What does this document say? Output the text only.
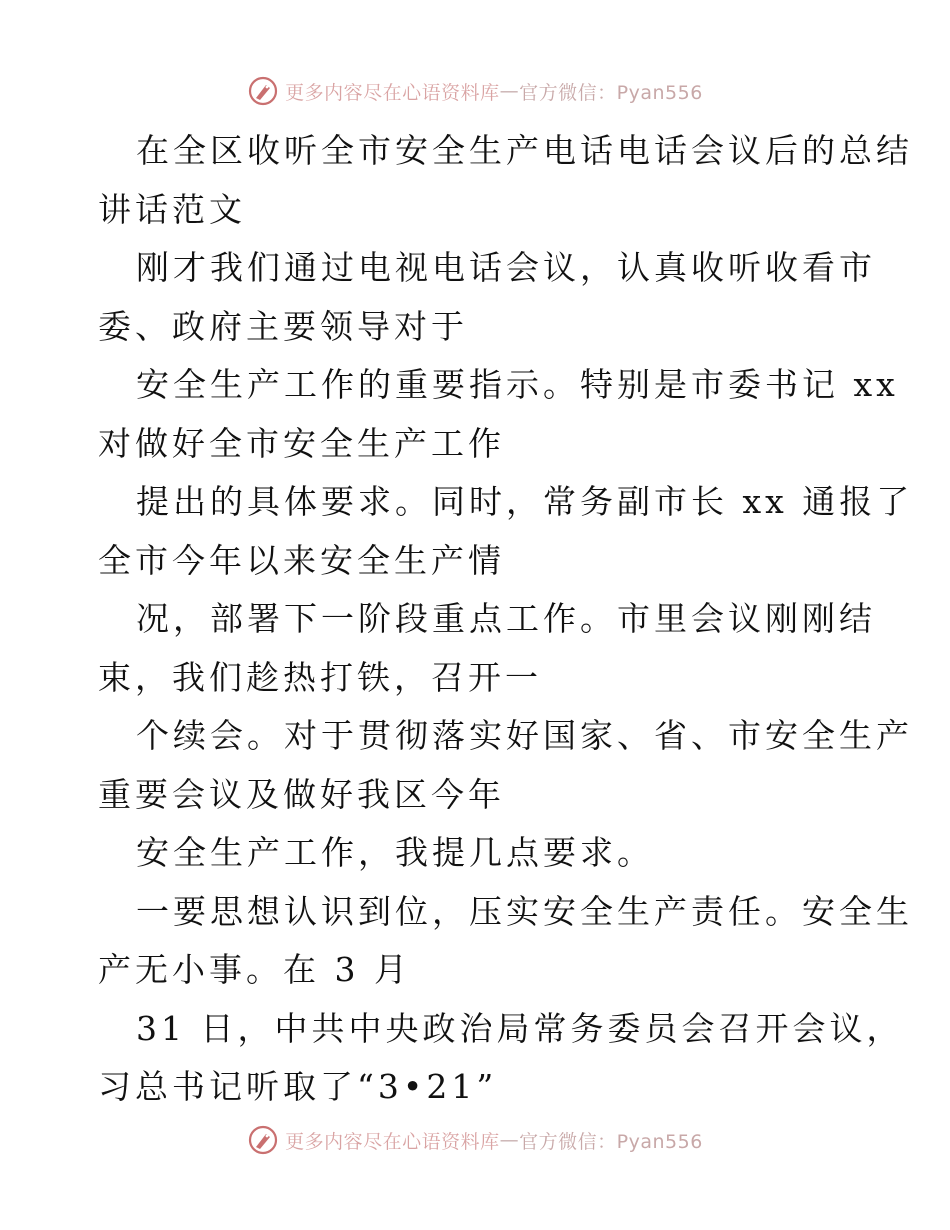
更多内容尽在心语资料库 — 官方微信：Pyan556
在全区收听全市安全生产电话电话会议后的总结
讲话范文
刚才我们通过电视电话会议，认真收听收看市
委、政府主要领导对于
安全生产工作的重要指示。特别是市委书记 xx
对做好全市安全生产工作
提出的具体要求。同时，常务副市长 xx 通报了
全市今年以来安全生产情
况，部署下一阶段重点工作。市里会议刚刚结
束，我们趁热打铁，召开一
个续会。对于贯彻落实好国家、省、市安全生产
重要会议及做好我区今年
安全生产工作，我提几点要求。
一要思想认识到位，压实安全生产责任。安全生
产无小事。在 3 月
31 日，中共中央政治局常务委员会召开会议，
习总书记听取了“3•21”
更多内容尽在心语资料库 — 官方微信：Pyan556
